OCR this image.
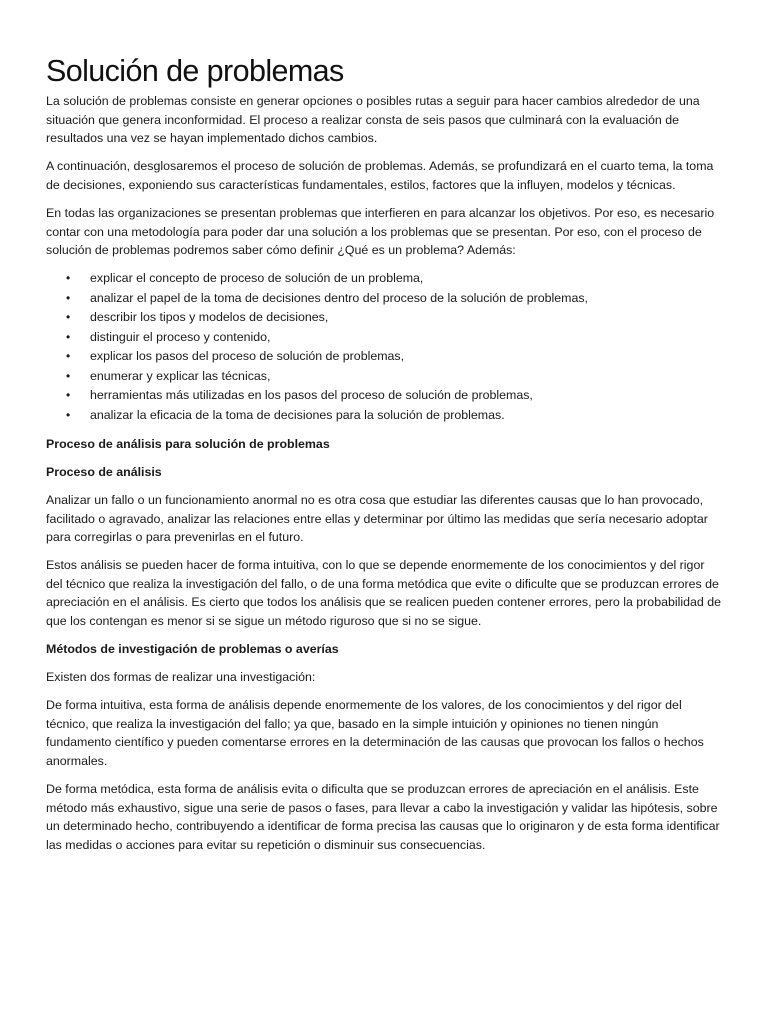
Solución de problemas

La solución de problemas consiste en generar opciones o posibles rutas a seguir para hacer cambios alrededor de una situación que genera inconformidad. El proceso a realizar consta de seis pasos que culminará con la evaluación de resultados una vez se hayan implementado dichos cambios.

A continuación, desglosaremos el proceso de solución de problemas. Además, se profundizará en el cuarto tema, la toma de decisiones, exponiendo sus características fundamentales, estilos, factores que la influyen, modelos y técnicas.

En todas las organizaciones se presentan problemas que interfieren en para alcanzar los objetivos. Por eso, es necesario contar con una metodología para poder dar una solución a los problemas que se presentan. Por eso, con el proceso de solución de problemas podremos saber cómo definir ¿Qué es un problema? Además:

• explicar el concepto de proceso de solución de un problema,
• analizar el papel de la toma de decisiones dentro del proceso de la solución de problemas,
• describir los tipos y modelos de decisiones,
• distinguir el proceso y contenido,
• explicar los pasos del proceso de solución de problemas,
• enumerar y explicar las técnicas,
• herramientas más utilizadas en los pasos del proceso de solución de problemas,
• analizar la eficacia de la toma de decisiones para la solución de problemas.

Proceso de análisis para solución de problemas

Proceso de análisis

Analizar un fallo o un funcionamiento anormal no es otra cosa que estudiar las diferentes causas que lo han provocado, facilitado o agravado, analizar las relaciones entre ellas y determinar por último las medidas que sería necesario adoptar para corregirlas o para prevenirlas en el futuro.

Estos análisis se pueden hacer de forma intuitiva, con lo que se depende enormemente de los conocimientos y del rigor del técnico que realiza la investigación del fallo, o de una forma metódica que evite o dificulte que se produzcan errores de apreciación en el análisis. Es cierto que todos los análisis que se realicen pueden contener errores, pero la probabilidad de que los contengan es menor si se sigue un método riguroso que si no se sigue.

Métodos de investigación de problemas o averías

Existen dos formas de realizar una investigación:

De forma intuitiva, esta forma de análisis depende enormemente de los valores, de los conocimientos y del rigor del técnico, que realiza la investigación del fallo; ya que, basado en la simple intuición y opiniones no tienen ningún fundamento científico y pueden comentarse errores en la determinación de las causas que provocan los fallos o hechos anormales.

De forma metódica, esta forma de análisis evita o dificulta que se produzcan errores de apreciación en el análisis. Este método más exhaustivo, sigue una serie de pasos o fases, para llevar a cabo la investigación y validar las hipótesis, sobre un determinado hecho, contribuyendo a identificar de forma precisa las causas que lo originaron y de esta forma identificar las medidas o acciones para evitar su repetición o disminuir sus consecuencias.
